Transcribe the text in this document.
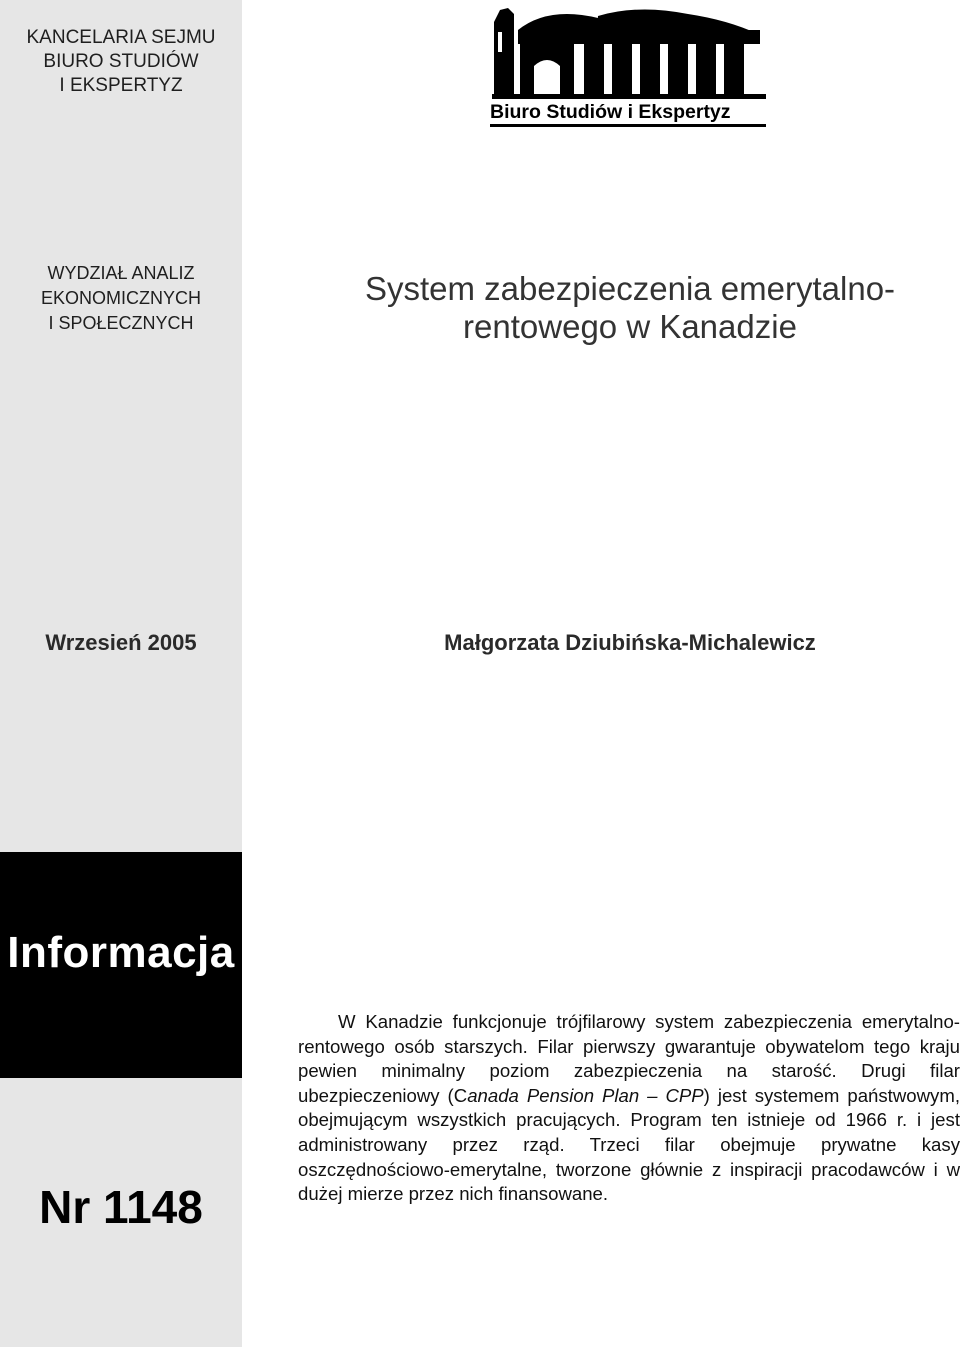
KANCELARIA SEJMU
BIURO STUDIÓW
I EKSPERTYZ
WYDZIAŁ ANALIZ
EKONOMICZNYCH
I SPOŁECZNYCH
Wrzesień 2005
Informacja
Nr 1148
Biuro Studiów i Ekspertyz
System zabezpieczenia emerytalno-
rentowego w Kanadzie
Małgorzata Dziubińska-Michalewicz
W Kanadzie funkcjonuje trójfilarowy system zabezpieczenia emerytalno-rentowego osób starszych. Filar pierwszy gwarantuje obywatelom tego kraju pewien minimalny poziom zabezpieczenia na starość. Drugi filar ubezpieczeniowy (Canada Pension Plan – CPP) jest systemem państwowym, obejmującym wszystkich pracujących. Program ten istnieje od 1966 r. i jest administrowany przez rząd. Trzeci filar obejmuje prywatne kasy oszczędnościowo-emerytalne, tworzone głównie z inspiracji pracodawców i w dużej mierze przez nich finansowane.
